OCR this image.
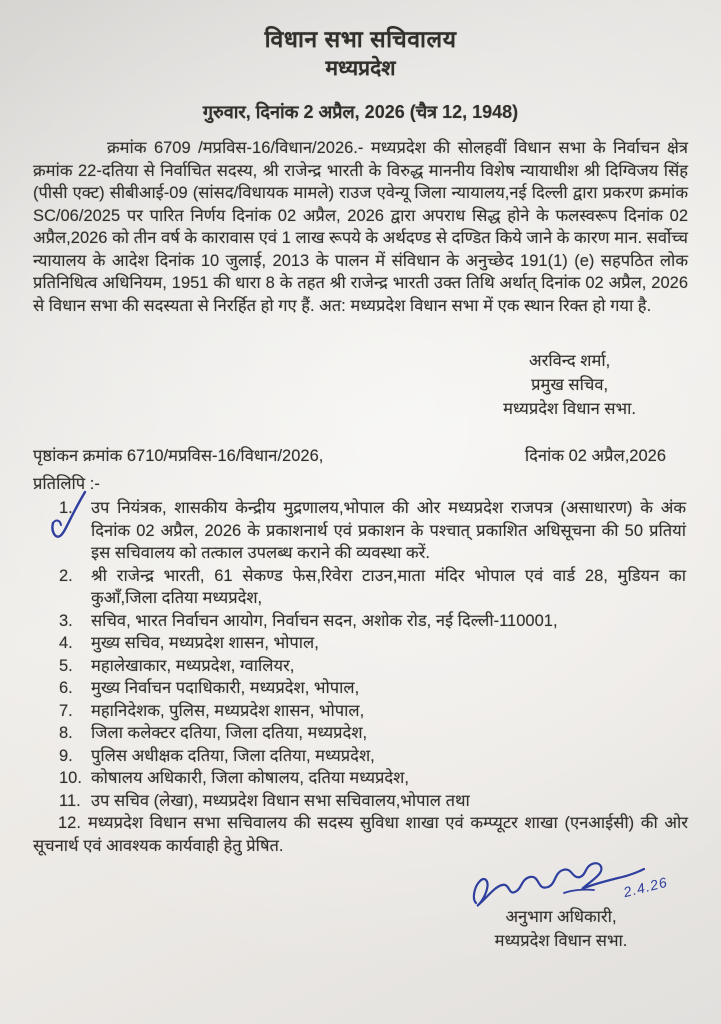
विधान सभा सचिवालय
मध्यप्रदेश
गुरुवार, दिनांक 2 अप्रैल, 2026 (चैत्र 12, 1948)

क्रमांक 6709 /मप्रविस-16/विधान/2026.- मध्यप्रदेश की सोलहवीं विधान सभा के निर्वाचन क्षेत्र क्रमांक 22-दतिया से निर्वाचित सदस्य, श्री राजेन्द्र भारती के विरुद्ध माननीय विशेष न्यायाधीश श्री दिग्विजय सिंह (पीसी एक्ट) सीबीआई-09 (सांसद/विधायक मामले) राउज एवेन्यू जिला न्यायालय,नई दिल्ली द्वारा प्रकरण क्रमांक SC/06/2025 पर पारित निर्णय दिनांक 02 अप्रैल, 2026 द्वारा अपराध सिद्ध होने के फलस्वरूप दिनांक 02 अप्रैल,2026 को तीन वर्ष के कारावास एवं 1 लाख रूपये के अर्थदण्ड से दण्डित किये जाने के कारण मान. सर्वोच्च न्यायालय के आदेश दिनांक 10 जुलाई, 2013 के पालन में संविधान के अनुच्छेद 191(1) (e) सहपठित लोक प्रतिनिधित्व अधिनियम, 1951 की धारा 8 के तहत श्री राजेन्द्र भारती उक्त तिथि अर्थात् दिनांक 02 अप्रैल, 2026 से विधान सभा की सदस्यता से निरर्हित हो गए हैं. अत: मध्यप्रदेश विधान सभा में एक स्थान रिक्त हो गया है.

अरविन्द शर्मा,
प्रमुख सचिव,
मध्यप्रदेश विधान सभा.
पृष्ठांकन क्रमांक 6710/मप्रविस-16/विधान/2026,	दिनांक 02 अप्रैल,2026
प्रतिलिपि :-
1.	उप नियंत्रक, शासकीय केन्द्रीय मुद्रणालय,भोपाल की ओर मध्यप्रदेश राजपत्र (असाधारण) के अंक दिनांक 02 अप्रैल, 2026 के प्रकाशनार्थ एवं प्रकाशन के पश्चात् प्रकाशित अधिसूचना की 50 प्रतियां इस सचिवालय को तत्काल उपलब्ध कराने की व्यवस्था करें.
2.	श्री राजेन्द्र भारती, 61 सेकण्ड फेस,रिवेरा टाउन,माता मंदिर भोपाल एवं वार्ड 28, मुडियन का कुऑं,जिला दतिया मध्यप्रदेश,
3.	सचिव, भारत निर्वाचन आयोग, निर्वाचन सदन, अशोक रोड, नई दिल्ली-110001,
4.	मुख्य सचिव, मध्यप्रदेश शासन, भोपाल,
5.	महालेखाकार, मध्यप्रदेश, ग्वालियर,
6.	मुख्य निर्वाचन पदाधिकारी, मध्यप्रदेश, भोपाल,
7.	महानिदेशक, पुलिस, मध्यप्रदेश शासन, भोपाल,
8.	जिला कलेक्टर दतिया, जिला दतिया, मध्यप्रदेश,
9.	पुलिस अधीक्षक दतिया, जिला दतिया, मध्यप्रदेश,
10. कोषालय अधिकारी, जिला कोषालय, दतिया मध्यप्रदेश,
11. उप सचिव (लेखा), मध्यप्रदेश विधान सभा सचिवालय,भोपाल तथा

12. मध्यप्रदेश विधान सभा सचिवालय की सदस्य सुविधा शाखा एवं कम्प्यूटर शाखा (एनआईसी) की ओर सूचनार्थ एवं आवश्यक कार्यवाही हेतु प्रेषित.

2.4.26
अनुभाग अधिकारी,
मध्यप्रदेश विधान सभा.
